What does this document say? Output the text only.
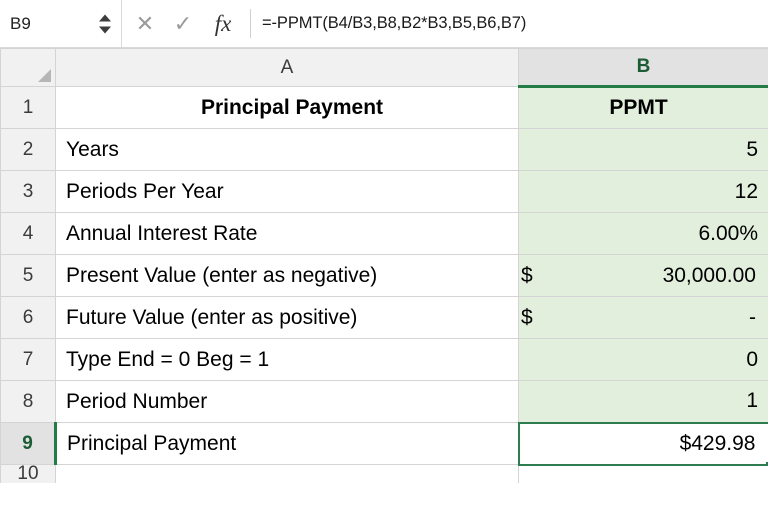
B9	✕ ✓ fx	=-PPMT(B4/B3,B8,B2*B3,B5,B6,B7)
	A	B
1	Principal Payment	PPMT
2	Years	5
3	Periods Per Year	12
4	Annual Interest Rate	6.00%
5	Present Value (enter as negative)	$ 30,000.00

6	Future Value (enter as positive)	$ -

7	Type End = 0 Beg = 1	0
8	Period Number	1
9	Principal Payment	$429.98

10		
